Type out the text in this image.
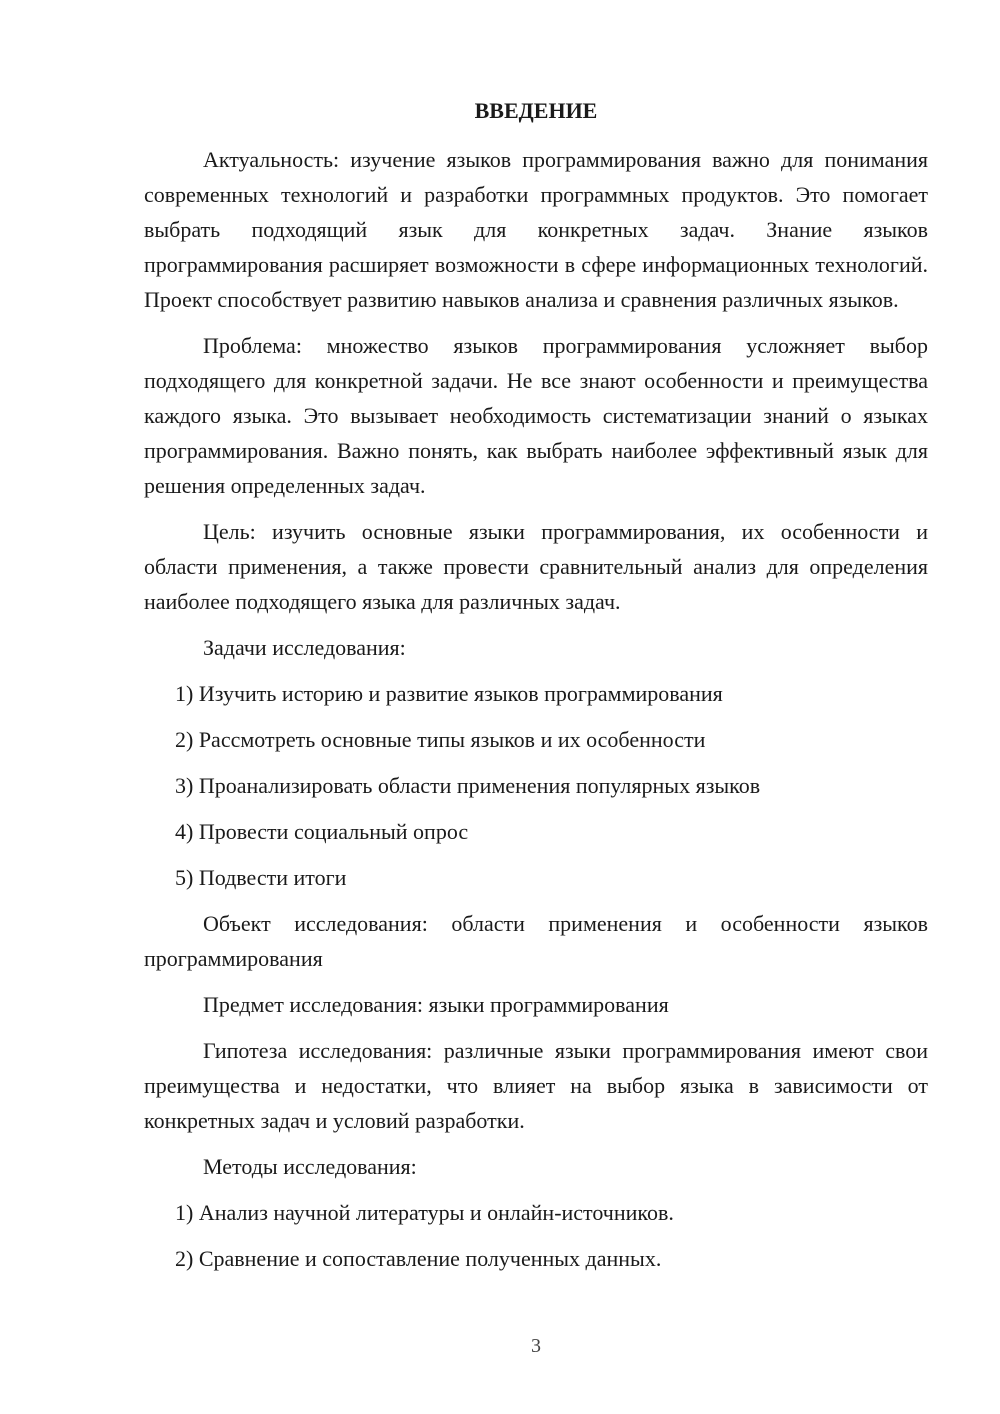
ВВЕДЕНИЕ

Актуальность: изучение языков программирования важно для понимания современных технологий и разработки программных продуктов. Это помогает выбрать подходящий язык для конкретных задач. Знание языков программирования расширяет возможности в сфере информационных технологий. Проект способствует развитию навыков анализа и сравнения различных языков.

Проблема: множество языков программирования усложняет выбор подходящего для конкретной задачи. Не все знают особенности и преимущества каждого языка. Это вызывает необходимость систематизации знаний о языках программирования. Важно понять, как выбрать наиболее эффективный язык для решения определенных задач.

Цель: изучить основные языки программирования, их особенности и области применения, а также провести сравнительный анализ для определения наиболее подходящего языка для различных задач.

Задачи исследования:

1) Изучить историю и развитие языков программирования

2) Рассмотреть основные типы языков и их особенности

3) Проанализировать области применения популярных языков

4) Провести социальный опрос

5) Подвести итоги

Объект исследования: области применения и особенности языков программирования

Предмет исследования: языки программирования

Гипотеза исследования: различные языки программирования имеют свои преимущества и недостатки, что влияет на выбор языка в зависимости от конкретных задач и условий разработки.

Методы исследования:

1) Анализ научной литературы и онлайн-источников.

2) Сравнение и сопоставление полученных данных.

3
